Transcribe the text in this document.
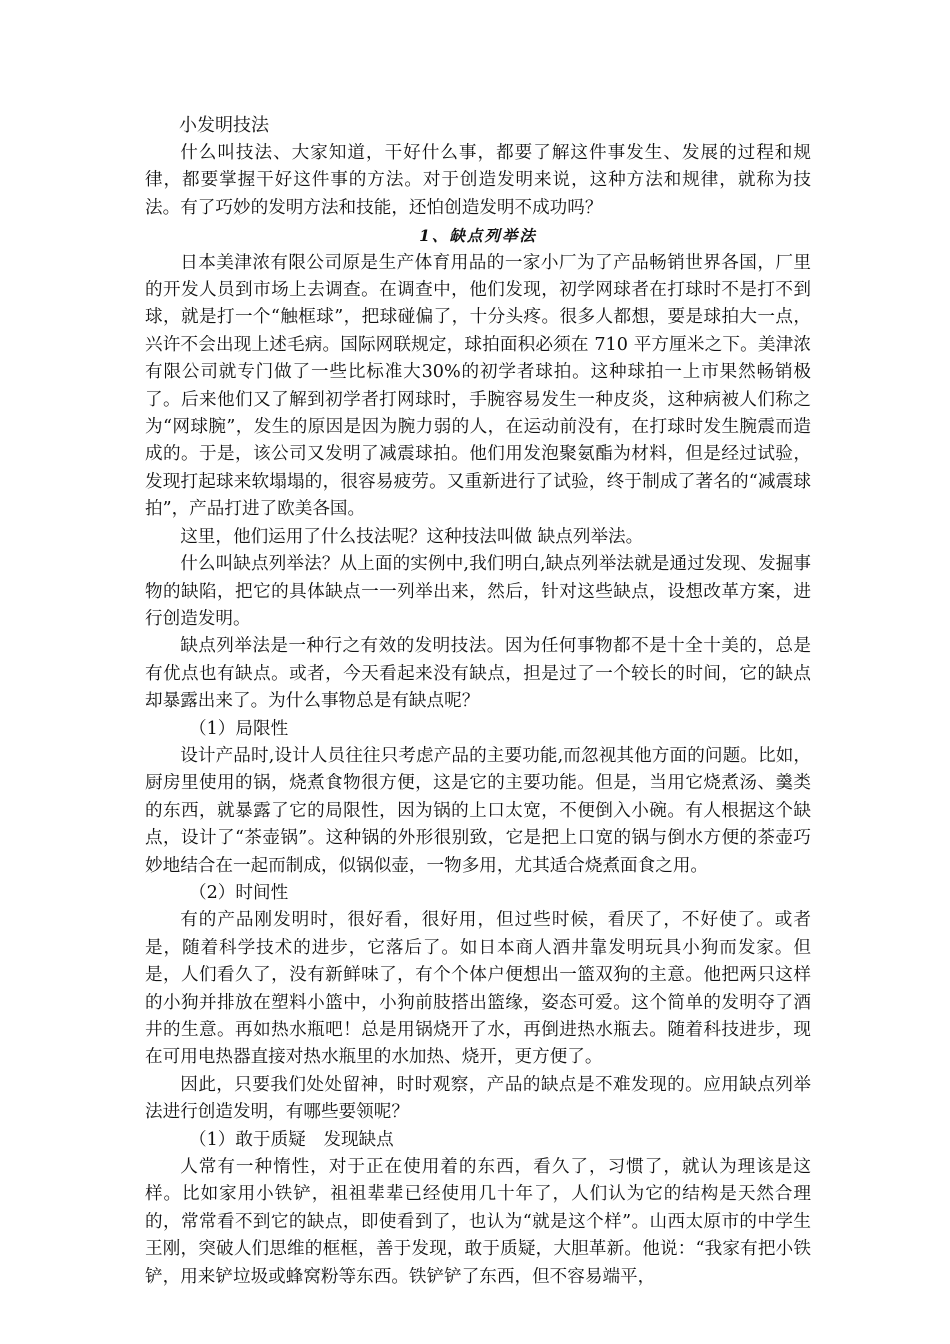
小发明技法

什么叫技法、大家知道，干好什么事，都要了解这件事发生、发展的过程和规律，都要掌握干好这件事的方法。对于创造发明来说，这种方法和规律，就称为技法。有了巧妙的发明方法和技能，还怕创造发明不成功吗？

1、缺点列举法

日本美津浓有限公司原是生产体育用品的一家小厂为了产品畅销世界各国，厂里的开发人员到市场上去调查。在调查中，他们发现，初学网球者在打球时不是打不到球，就是打一个“触框球”，把球碰偏了，十分头疼。很多人都想，要是球拍大一点，兴许不会出现上述毛病。国际网联规定，球拍面积必须在 710 平方厘米之下。美津浓有限公司就专门做了一些比标准大30%的初学者球拍。这种球拍一上市果然畅销极了。后来他们又了解到初学者打网球时，手腕容易发生一种皮炎，这种病被人们称之为“网球腕”，发生的原因是因为腕力弱的人，在运动前没有，在打球时发生腕震而造成的。于是，该公司又发明了减震球拍。他们用发泡聚氨酯为材料，但是经过试验，发现打起球来软塌塌的，很容易疲劳。又重新进行了试验，终于制成了著名的“减震球拍”，产品打进了欧美各国。

这里，他们运用了什么技法呢？这种技法叫做 缺点列举法。

什么叫缺点列举法？从上面的实例中,我们明白,缺点列举法就是通过发现、发掘事物的缺陷，把它的具体缺点一一列举出来，然后，针对这些缺点，设想改革方案，进行创造发明。

缺点列举法是一种行之有效的发明技法。因为任何事物都不是十全十美的，总是有优点也有缺点。或者，今天看起来没有缺点，担是过了一个较长的时间，它的缺点却暴露出来了。为什么事物总是有缺点呢？

（1）局限性

设计产品时,设计人员往往只考虑产品的主要功能,而忽视其他方面的问题。比如，厨房里使用的锅，烧煮食物很方便，这是它的主要功能。但是，当用它烧煮汤、羹类的东西，就暴露了它的局限性，因为锅的上口太宽，不便倒入小碗。有人根据这个缺点，设计了“茶壶锅”。这种锅的外形很别致，它是把上口宽的锅与倒水方便的茶壶巧妙地结合在一起而制成，似锅似壶，一物多用，尤其适合烧煮面食之用。

（2）时间性

有的产品刚发明时，很好看，很好用，但过些时候，看厌了，不好使了。或者是，随着科学技术的进步，它落后了。如日本商人酒井靠发明玩具小狗而发家。但是，人们看久了，没有新鲜味了，有个个体户便想出一篮双狗的主意。他把两只这样的小狗并排放在塑料小篮中，小狗前肢搭出篮缘，姿态可爱。这个简单的发明夺了酒井的生意。再如热水瓶吧！总是用锅烧开了水，再倒进热水瓶去。随着科技进步，现在可用电热器直接对热水瓶里的水加热、烧开，更方便了。

因此，只要我们处处留神，时时观察，产品的缺点是不难发现的。应用缺点列举法进行创造发明，有哪些要领呢？

（1）敢于质疑　发现缺点

人常有一种惰性，对于正在使用着的东西，看久了，习惯了，就认为理该是这样。比如家用小铁铲，祖祖辈辈已经使用几十年了，人们认为它的结构是天然合理的，常常看不到它的缺点，即使看到了，也认为“就是这个样”。山西太原市的中学生王刚，突破人们思维的框框，善于发现，敢于质疑，大胆革新。他说：“我家有把小铁铲，用来铲垃圾或蜂窝粉等东西。铁铲铲了东西，但不容易端平，
